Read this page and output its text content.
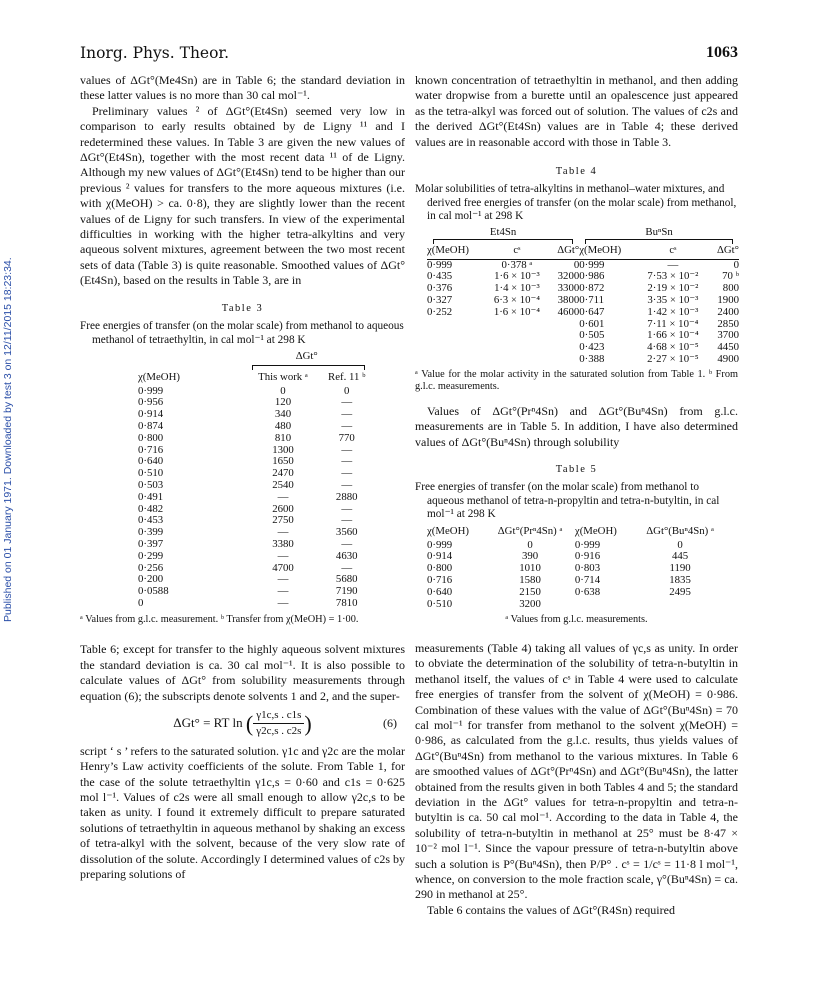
Inorg. Phys. Theor.	1063
Published on 01 January 1971. Downloaded by test 3 on 12/11/2015 18:23:34.

values of ΔGt°(Me4Sn) are in Table 6; the standard deviation in these latter values is no more than 30 cal mol⁻¹.

Preliminary values ² of ΔGt°(Et4Sn) seemed very low in comparison to early results obtained by de Ligny ¹¹ and I redetermined these values. In Table 3 are given the new values of ΔGt°(Et4Sn), together with the most recent data ¹¹ of de Ligny. Although my new values of ΔGt°(Et4Sn) tend to be higher than our previous ² values for transfers to the more aqueous mixtures (i.e. with χ(MeOH) > ca. 0·8), they are slightly lower than the recent values of de Ligny for such transfers. In view of the experimental difficulties in working with the higher tetra-alkyltins and very aqueous solvent mixtures, agreement between the two most recent sets of data (Table 3) is quite reasonable. Smoothed values of ΔGt°(Et4Sn), based on the results in Table 3, are in

Table 3
Free energies of transfer (on the molar scale) from methanol to aqueous methanol of tetraethyltin, in cal mol⁻¹ at 298 K
	ΔGt°	

χ(MeOH)	This work ᵃ	Ref. 11 ᵇ
0·999	0	0
0·956	120	—
0·914	340	—
0·874	480	—
0·800	810	770
0·716	1300	—
0·640	1650	—
0·510	2470	—
0·503	2540	—
0·491	—	2880
0·482	2600	—
0·453	2750	—
0·399	—	3560
0·397	3380	—
0·299	—	4630
0·256	4700	—
0·200	—	5680
0·0588	—	7190
0	—	7810

ᵃ Values from g.l.c. measurement. ᵇ Transfer from χ(MeOH) = 1·00.

Table 6; except for transfer to the highly aqueous solvent mixtures the standard deviation is ca. 30 cal mol⁻¹. It is also possible to calculate values of ΔGt° from solubility measurements through equation (6); the subscripts denote solvents 1 and 2, and the super-

ΔGt° = RT ln ( $\frac{\gamma 1c,s . c1s}{\gamma 2c,s . c2s}$ )	(6)

script ‘ s ’ refers to the saturated solution. γ1c and γ2c are the molar Henry’s Law activity coefficients of the solute. From Table 1, for the case of the solute tetraethyltin γ1c,s = 0·60 and c1s = 0·625 mol l⁻¹. Values of c2s were all small enough to allow γ2c,s to be taken as unity. I found it extremely difficult to prepare saturated solutions of tetraethyltin in aqueous methanol by shaking an excess of tetra-alkyl with the solvent, because of the very slow rate of dissolution of the solute. Accordingly I determined values of c2s by preparing solutions of

known concentration of tetraethyltin in methanol, and then adding water dropwise from a burette until an opalescence just appeared as the tetra-alkyl was forced out of solution. The values of c2s and the derived ΔGt°(Et4Sn) values are in Table 4; these derived values are in reasonable accord with those in Table 3.

Table 4
Molar solubilities of tetra-alkyltins in methanol–water mixtures, and derived free energies of transfer (on the molar scale) from methanol, in cal mol⁻¹ at 298 K
Et4Sn			BuⁿSn		

χ(MeOH)	cˢ	ΔGt°	χ(MeOH)	cˢ	ΔGt°
0·999	0·378 ᵃ	0	0·999	—	0
0·435	1·6 × 10⁻³	3200	0·986	7·53 × 10⁻²	70 ᵇ
0·376	1·4 × 10⁻³	3300	0·872	2·19 × 10⁻²	800
0·327	6·3 × 10⁻⁴	3800	0·711	3·35 × 10⁻³	1900
0·252	1·6 × 10⁻⁴	4600	0·647	1·42 × 10⁻³	2400
			0·601	7·11 × 10⁻⁴	2850
			0·505	1·66 × 10⁻⁴	3700
			0·423	4·68 × 10⁻⁵	4450
			0·388	2·27 × 10⁻⁵	4900

ᵃ Value for the molar activity in the saturated solution from Table 1. ᵇ From g.l.c. measurements.

Values of ΔGt°(Prⁿ4Sn) and ΔGt°(Buⁿ4Sn) from g.l.c. measurements are in Table 5. In addition, I have also determined values of ΔGt°(Buⁿ4Sn) through solubility

Table 5
Free energies of transfer (on the molar scale) from methanol to aqueous methanol of tetra-n-propyltin and tetra-n-butyltin, in cal mol⁻¹ at 298 K
χ(MeOH)	ΔGt°(Prⁿ4Sn) ᵃ	χ(MeOH)	ΔGt°(Buⁿ4Sn) ᵃ
0·999	0	0·999	0
0·914	390	0·916	445
0·800	1010	0·803	1190
0·716	1580	0·714	1835
0·640	2150	0·638	2495
0·510	3200		

ᵃ Values from g.l.c. measurements.

measurements (Table 4) taking all values of γc,s as unity. In order to obviate the determination of the solubility of tetra-n-butyltin in methanol itself, the values of cˢ in Table 4 were used to calculate free energies of transfer from the solvent of χ(MeOH) = 0·986. Combination of these values with the value of ΔGt°(Buⁿ4Sn) = 70 cal mol⁻¹ for transfer from methanol to the solvent χ(MeOH) = 0·986, as calculated from the g.l.c. results, thus yields values of ΔGt°(Buⁿ4Sn) from methanol to the various mixtures. In Table 6 are smoothed values of ΔGt°(Prⁿ4Sn) and ΔGt°(Buⁿ4Sn), the latter obtained from the results given in both Tables 4 and 5; the standard deviation in the ΔGt° values for tetra-n-propyltin and tetra-n-butyltin is ca. 50 cal mol⁻¹. According to the data in Table 4, the solubility of tetra-n-butyltin in methanol at 25° must be 8·47 × 10⁻² mol l⁻¹. Since the vapour pressure of tetra-n-butyltin above such a solution is P°(Buⁿ4Sn), then P/P° . cˢ = 1/cˢ = 11·8 l mol⁻¹, whence, on conversion to the mole fraction scale, γ°(Buⁿ4Sn) = ca. 290 in methanol at 25°.

Table 6 contains the values of ΔGt°(R4Sn) required
